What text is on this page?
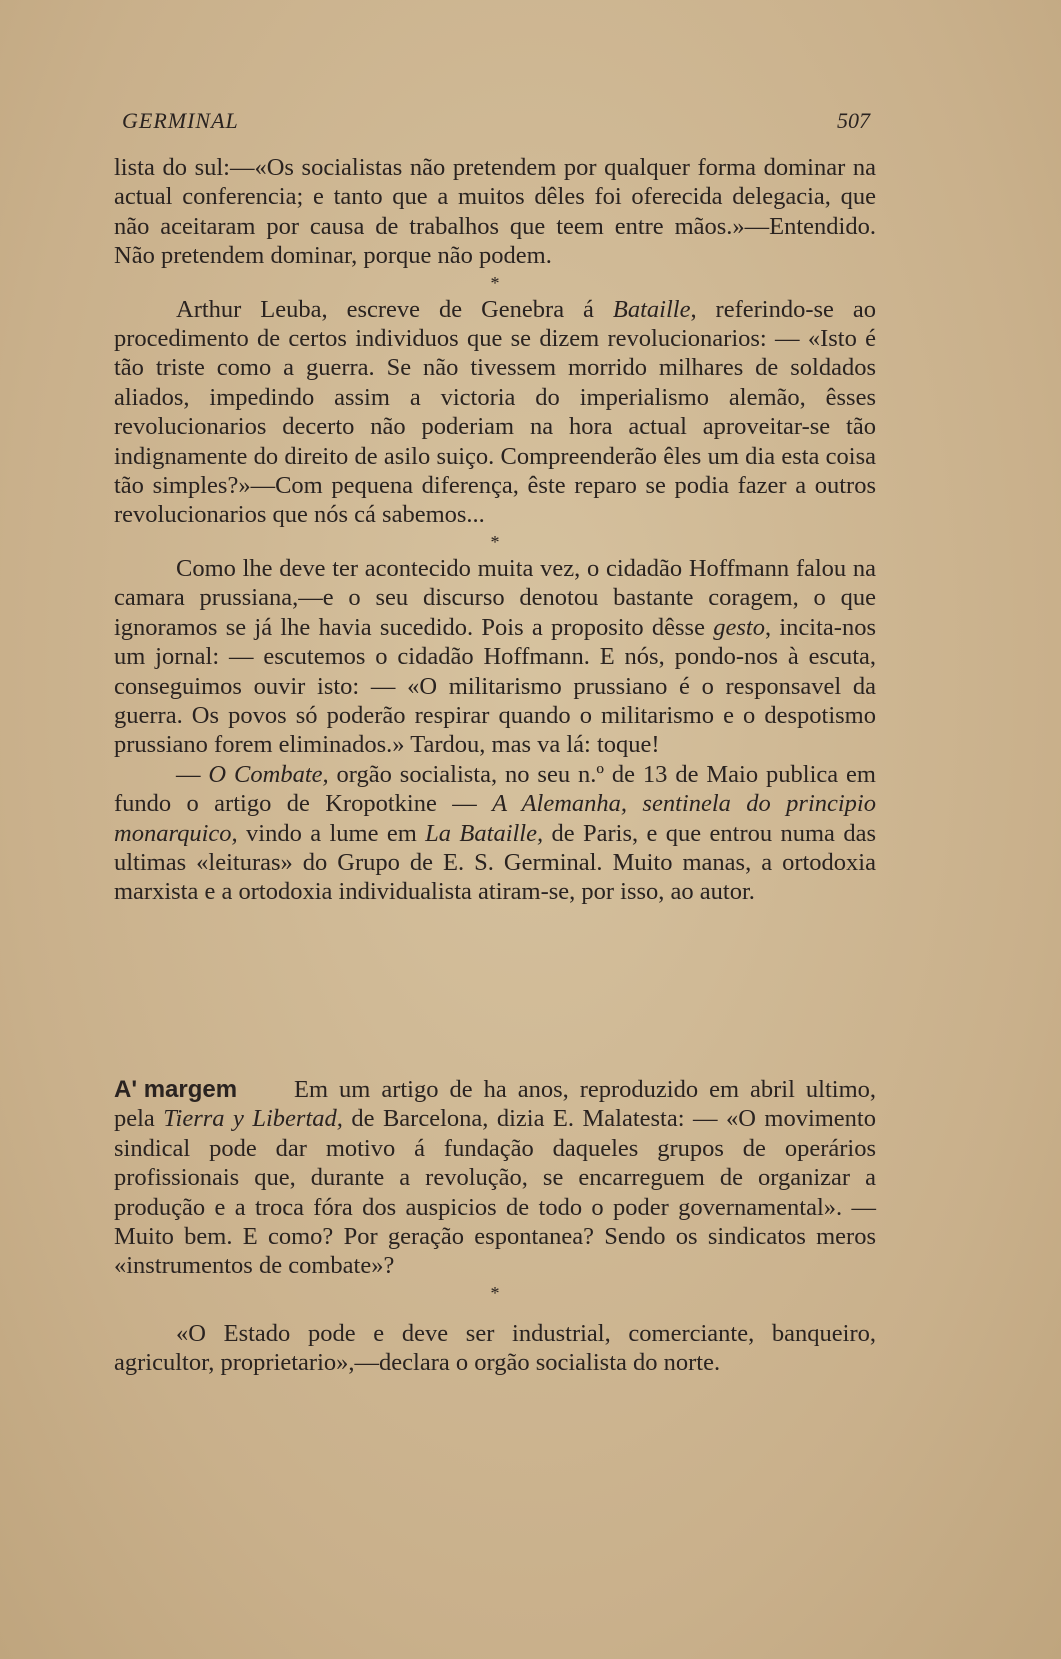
GERMINAL	507

lista do sul:—«Os socialistas não pretendem por qualquer forma dominar na actual conferencia; e tanto que a muitos dêles foi oferecida delegacia, que não aceitaram por causa de trabalhos que teem entre mãos.»—Entendido. Não pretendem dominar, porque não podem.

*

Arthur Leuba, escreve de Genebra á Bataille, referindo-se ao procedimento de certos individuos que se dizem revolucionarios: — «Isto é tão triste como a guerra. Se não tivessem morrido milhares de soldados aliados, impedindo assim a victoria do imperialismo alemão, êsses revolucionarios decerto não poderiam na hora actual aproveitar-se tão indignamente do direito de asilo suiço. Compreenderão êles um dia esta coisa tão simples?»—Com pequena diferença, êste reparo se podia fazer a outros revolucionarios que nós cá sabemos...

*

Como lhe deve ter acontecido muita vez, o cidadão Hoffmann falou na camara prussiana,—e o seu discurso denotou bastante coragem, o que ignoramos se já lhe havia sucedido. Pois a proposito dêsse gesto, incita-nos um jornal: — escutemos o cidadão Hoffmann. E nós, pondo-nos à escuta, conseguimos ouvir isto: — «O militarismo prussiano é o responsavel da guerra. Os povos só poderão respirar quando o militarismo e o despotismo prussiano forem eliminados.» Tardou, mas va lá: toque!

— O Combate, orgão socialista, no seu n.º de 13 de Maio publica em fundo o artigo de Kropotkine — A Alemanha, sentinela do principio monarquico, vindo a lume em La Bataille, de Paris, e que entrou numa das ultimas «leituras» do Grupo de E. S. Germinal. Muito manas, a ortodoxia marxista e a ortodoxia individualista atiram-se, por isso, ao autor.

A' margem	Em um artigo de ha anos, reproduzido em abril ultimo, pela Tierra y Libertad, de Barcelona, dizia E. Malatesta: — «O movimento sindical pode dar motivo á fundação daqueles grupos de operários profissionais que, durante a revolução, se encarreguem de organizar a produção e a troca fóra dos auspicios de todo o poder governamental». — Muito bem. E como? Por geração espontanea? Sendo os sindicatos meros «instrumentos de combate»?

*

«O Estado pode e deve ser industrial, comerciante, banqueiro, agricultor, proprietario»,—declara o orgão socialista do norte.
